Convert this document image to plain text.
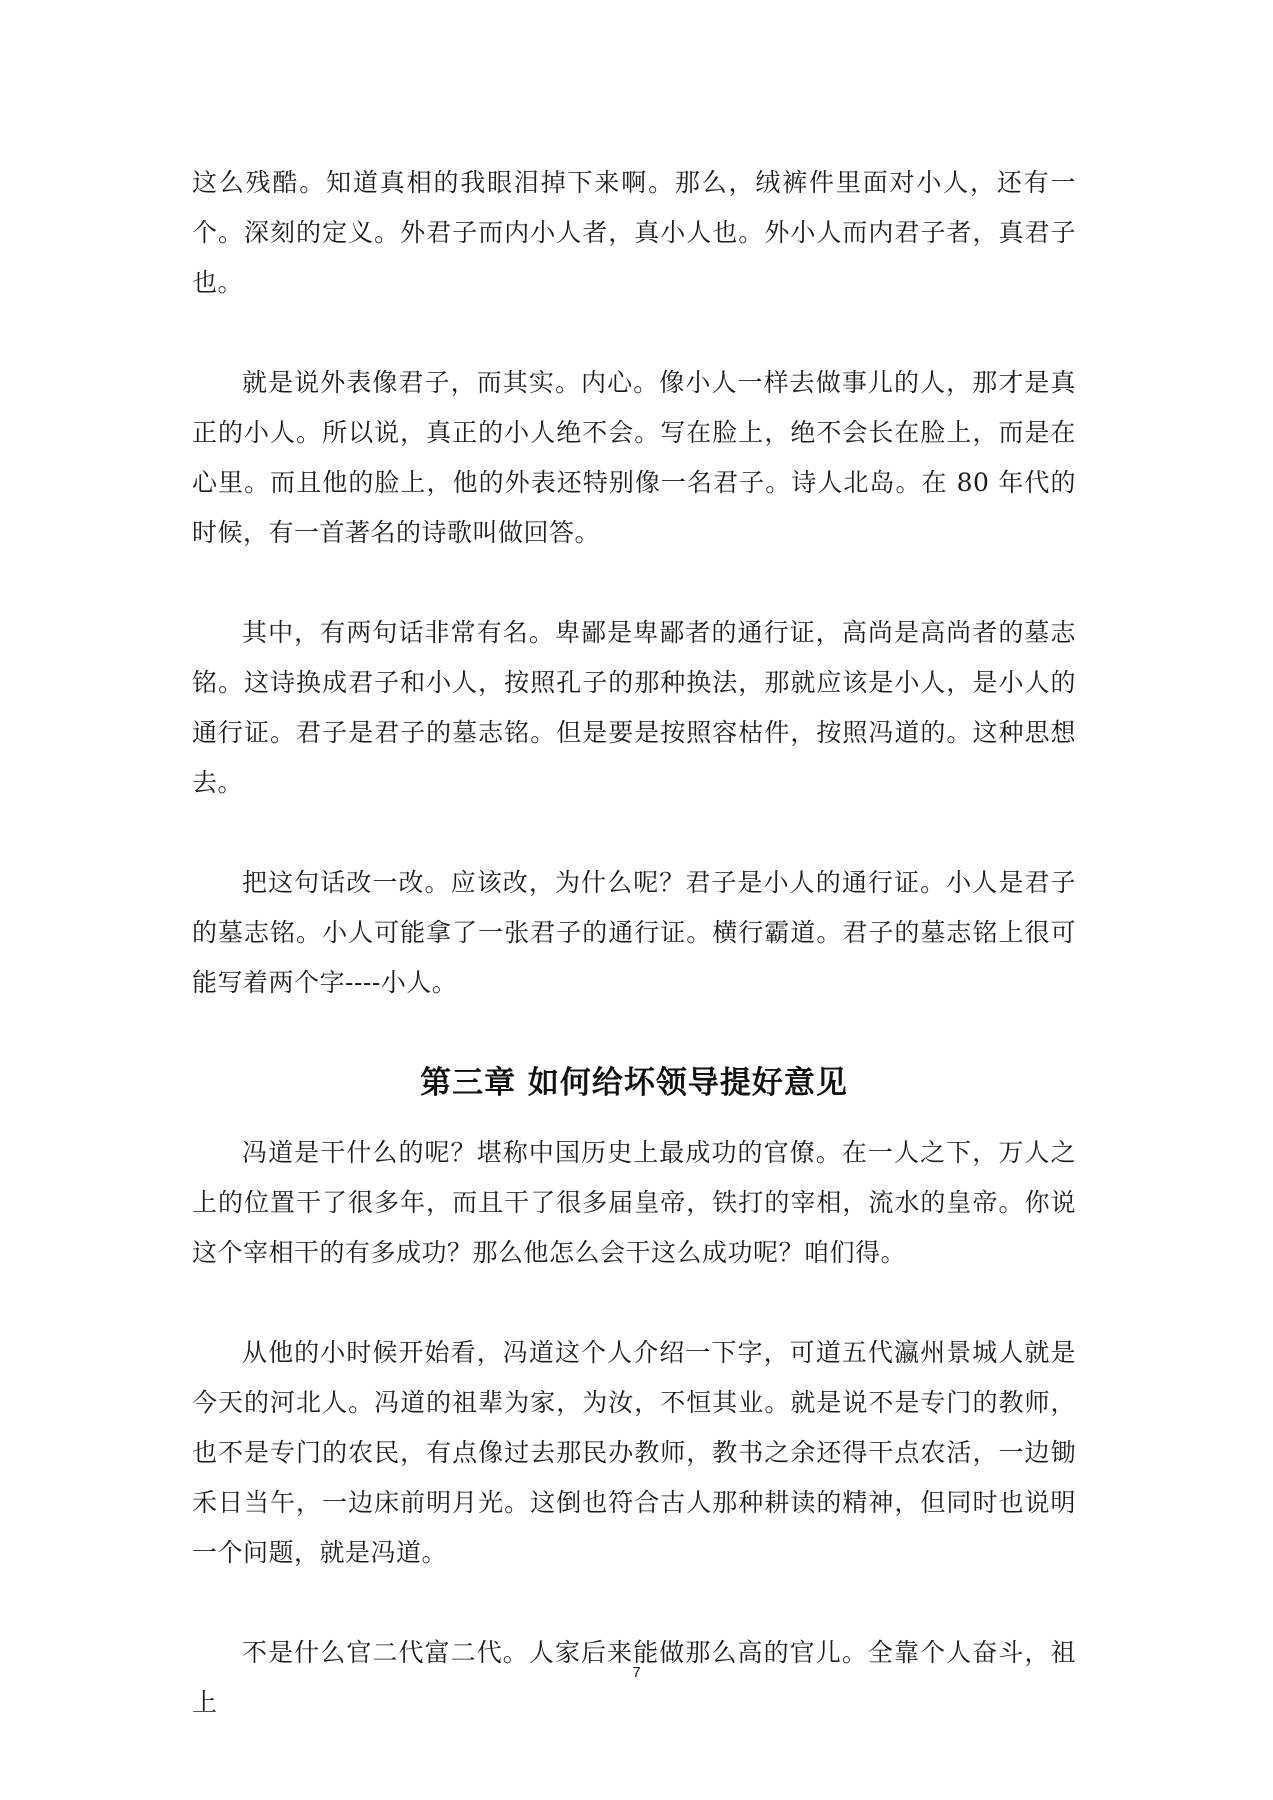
这么残酷。知道真相的我眼泪掉下来啊。那么，绒裤件里面对小人，还有一个。深刻的定义。外君子而内小人者，真小人也。外小人而内君子者，真君子也。

就是说外表像君子，而其实。内心。像小人一样去做事儿的人，那才是真正的小人。所以说，真正的小人绝不会。写在脸上，绝不会长在脸上，而是在心里。而且他的脸上，他的外表还特别像一名君子。诗人北岛。在 80 年代的时候，有一首著名的诗歌叫做回答。

其中，有两句话非常有名。卑鄙是卑鄙者的通行证，高尚是高尚者的墓志铭。这诗换成君子和小人，按照孔子的那种换法，那就应该是小人，是小人的通行证。君子是君子的墓志铭。但是要是按照容枯件，按照冯道的。这种思想去。

把这句话改一改。应该改，为什么呢？君子是小人的通行证。小人是君子的墓志铭。小人可能拿了一张君子的通行证。横行霸道。君子的墓志铭上很可能写着两个字----小人。

第三章 如何给坏领导提好意见

冯道是干什么的呢？堪称中国历史上最成功的官僚。在一人之下，万人之上的位置干了很多年，而且干了很多届皇帝，铁打的宰相，流水的皇帝。你说这个宰相干的有多成功？那么他怎么会干这么成功呢？咱们得。

从他的小时候开始看，冯道这个人介绍一下字，可道五代瀛州景城人就是今天的河北人。冯道的祖辈为家，为汝，不恒其业。就是说不是专门的教师，也不是专门的农民，有点像过去那民办教师，教书之余还得干点农活，一边锄禾日当午，一边床前明月光。这倒也符合古人那种耕读的精神，但同时也说明一个问题，就是冯道。

不是什么官二代富二代。人家后来能做那么高的官儿。全靠个人奋斗，祖上

7
